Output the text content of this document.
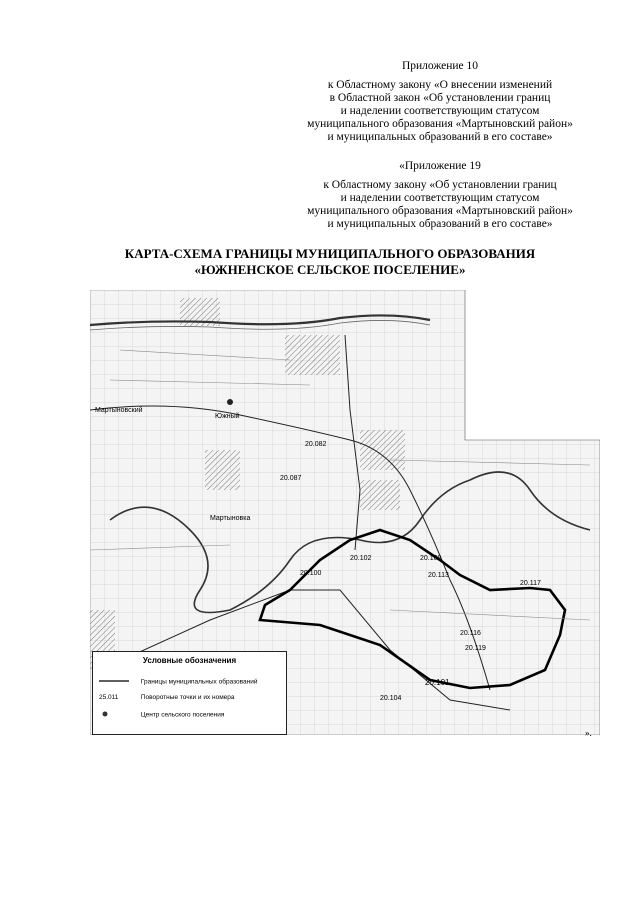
Приложение 10
к Областному закону «О внесении изменений
в Областной закон «Об установлении границ
и наделении соответствующим статусом
муниципального образования «Мартыновский район»
и муниципальных образований в его составе»
«Приложение 19
к Областному закону «Об установлении границ
и наделении соответствующим статусом
муниципального образования «Мартыновский район»
и муниципальных образований в его составе»
КАРТА-СХЕМА ГРАНИЦЫ МУНИЦИПАЛЬНОГО ОБРАЗОВАНИЯ
«ЮЖНЕНСКОЕ СЕЛЬСКОЕ ПОСЕЛЕНИЕ»
Мартыновский
Южный
Мартыновка
20.082
20.087
20.100
20.109
20.113
20.116
20.119
20.101
20.102
20.104
20.117
Условные обозначения
Границы муниципальных образований
25.011	Поворотные точки и их номера
Центр сельского поселения
».
